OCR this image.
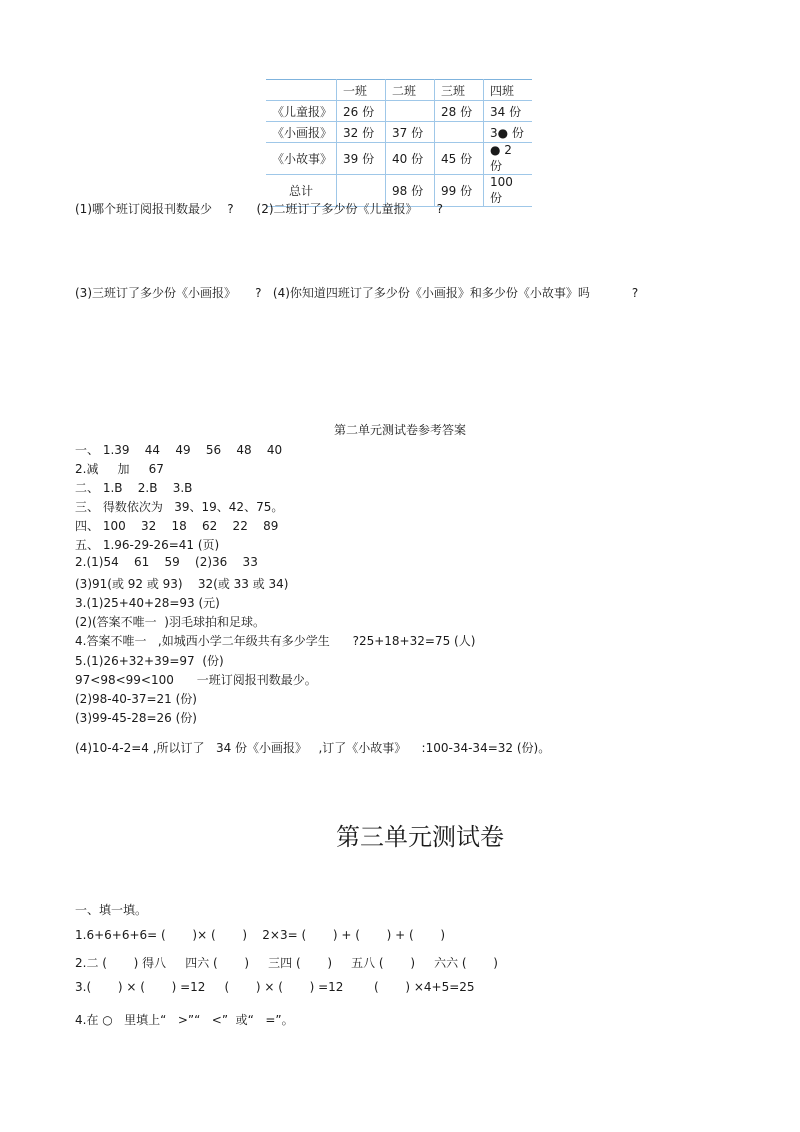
	一班	二班	三班	四班
《儿童报》	26 份		28 份	34 份
《小画报》	32 份	37 份		3● 份
《小故事》	39 份	40 份	45 份	● 2 份
总计		98 份	99 份	100 份
(1)哪个班订阅报刊数最少    ?      (2)二班订了多少份《儿童报》     ?
(3)三班订了多少份《小画报》     ?   (4)你知道四班订了多少份《小画报》和多少份《小故事》吗           ?
第二单元测试卷参考答案
一、 1.39    44    49    56    48    40
2.减     加     67
二、 1.B    2.B    3.B
三、 得数依次为   39、19、42、75。
四、 100    32    18    62    22    89
五、 1.96-29-26=41 (页)
2.(1)54    61    59    (2)36    33
(3)91(或 92 或 93)    32(或 33 或 34)
3.(1)25+40+28=93 (元)
(2)(答案不唯一  )羽毛球拍和足球。
4.答案不唯一   ,如城西小学二年级共有多少学生      ?25+18+32=75 (人)
5.(1)26+32+39=97  (份)
97<98<99<100      一班订阅报刊数最少。
(2)98-40-37=21 (份)
(3)99-45-28=26 (份)
(4)10-4-2=4 ,所以订了   34 份《小画报》   ,订了《小故事》    :100-34-34=32 (份)。
第三单元测试卷
一、填一填。
1.6+6+6+6= (       )× (       )    2×3= (       ) + (       ) + (       )
2.二 (       ) 得八     四六 (       )     三四 (       )     五八 (       )     六六 (       )
3.(       ) × (       ) =12     (       ) × (       ) =12        (       ) ×4+5=25
4.在 ○   里填上“   >”“   <”  或“   =”。
